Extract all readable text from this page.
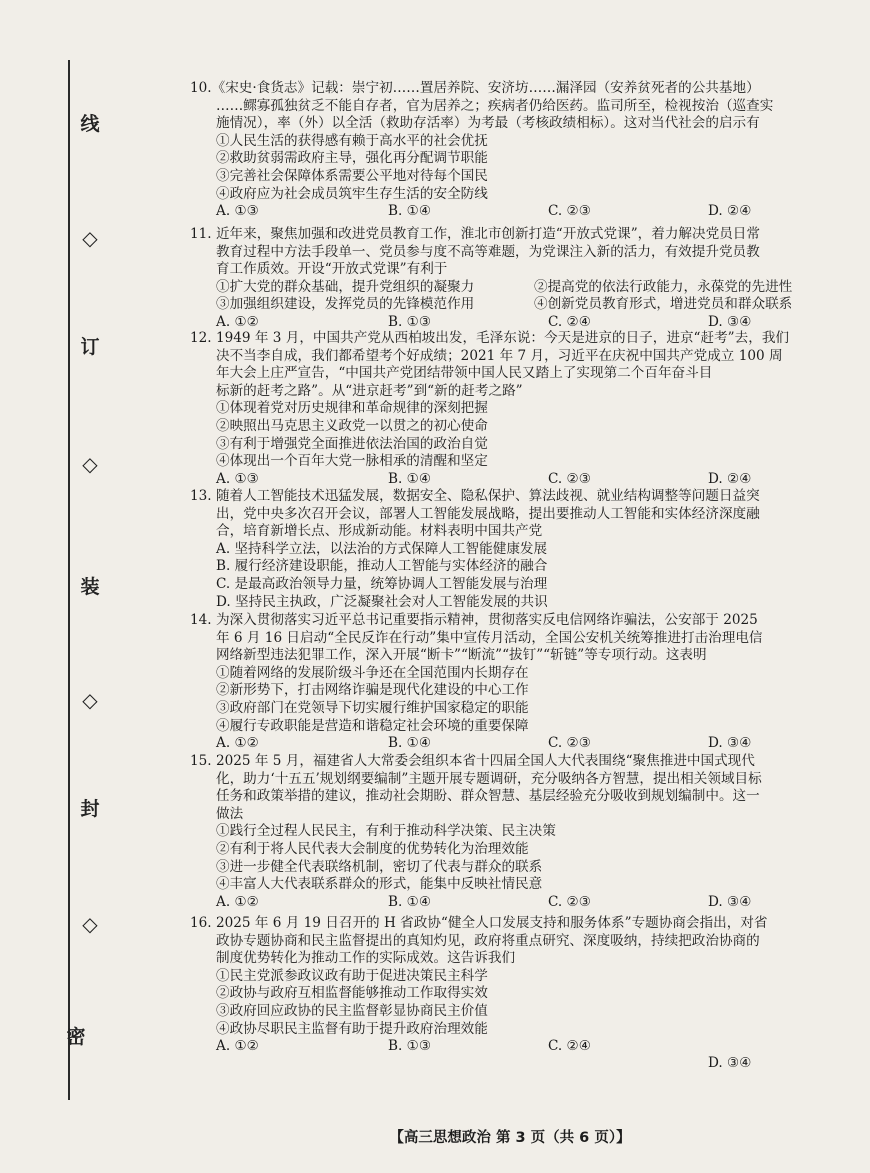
线
◇
订
◇
装
◇
封
◇
密
10.《宋史·食货志》记载：崇宁初……置居养院、安济坊……漏泽园（安养贫死者的公共基地）
……鳏寡孤独贫乏不能自存者，官为居养之；疾病者仍给医药。监司所至，检视按治（巡查实
施情况），率（外）以全活（救助存活率）为考最（考核政绩相标）。这对当代社会的启示有
①人民生活的获得感有赖于高水平的社会优抚
②救助贫弱需政府主导，强化再分配调节职能
③完善社会保障体系需要公平地对待每个国民
④政府应为社会成员筑牢生存生活的安全防线
A. ①③	B. ①④	C. ②③	D. ②④
11. 近年来，聚焦加强和改进党员教育工作，淮北市创新打造“开放式党课”，着力解决党员日常
教育过程中方法手段单一、党员参与度不高等难题，为党课注入新的活力，有效提升党员教
育工作质效。开设“开放式党课”有利于
①扩大党的群众基础，提升党组织的凝聚力	②提高党的依法行政能力，永葆党的先进性
③加强组织建设，发挥党员的先锋模范作用	④创新党员教育形式，增进党员和群众联系
A. ①②	B. ①③	C. ②④	D. ③④
12. 1949 年 3 月，中国共产党从西柏坡出发，毛泽东说：今天是进京的日子，进京“赶考”去，我们
决不当李自成，我们都希望考个好成绩；2021 年 7 月，习近平在庆祝中国共产党成立 100 周
年大会上庄严宣告，“中国共产党团结带领中国人民又踏上了实现第二个百年奋斗目
标新的赶考之路”。从“进京赶考”到“新的赶考之路”
①体现着党对历史规律和革命规律的深刻把握
②映照出马克思主义政党一以贯之的初心使命
③有利于增强党全面推进依法治国的政治自觉
④体现出一个百年大党一脉相承的清醒和坚定
A. ①③	B. ①④	C. ②③	D. ②④
13. 随着人工智能技术迅猛发展，数据安全、隐私保护、算法歧视、就业结构调整等问题日益突
出，党中央多次召开会议，部署人工智能发展战略，提出要推动人工智能和实体经济深度融
合，培育新增长点、形成新动能。材料表明中国共产党
A. 坚持科学立法，以法治的方式保障人工智能健康发展
B. 履行经济建设职能，推动人工智能与实体经济的融合
C. 是最高政治领导力量，统筹协调人工智能发展与治理
D. 坚持民主执政，广泛凝聚社会对人工智能发展的共识
14. 为深入贯彻落实习近平总书记重要指示精神，贯彻落实反电信网络诈骗法，公安部于 2025
年 6 月 16 日启动“全民反诈在行动”集中宣传月活动，全国公安机关统筹推进打击治理电信
网络新型违法犯罪工作，深入开展“断卡”“断流”“拔钉”“斩链”等专项行动。这表明
①随着网络的发展阶级斗争还在全国范围内长期存在
②新形势下，打击网络诈骗是现代化建设的中心工作
③政府部门在党领导下切实履行维护国家稳定的职能
④履行专政职能是营造和谐稳定社会环境的重要保障
A. ①②	B. ①④	C. ②③	D. ③④
15. 2025 年 5 月，福建省人大常委会组织本省十四届全国人大代表围绕“聚焦推进中国式现代
化，助力‘十五五’规划纲要编制”主题开展专题调研，充分吸纳各方智慧，提出相关领域目标
任务和政策举措的建议，推动社会期盼、群众智慧、基层经验充分吸收到规划编制中。这一
做法
①践行全过程人民民主，有利于推动科学决策、民主决策
②有利于将人民代表大会制度的优势转化为治理效能
③进一步健全代表联络机制，密切了代表与群众的联系
④丰富人大代表联系群众的形式，能集中反映社情民意
A. ①②	B. ①④	C. ②③	D. ③④
16. 2025 年 6 月 19 日召开的 H 省政协“健全人口发展支持和服务体系”专题协商会指出，对省
政协专题协商和民主监督提出的真知灼见，政府将重点研究、深度吸纳，持续把政治协商的
制度优势转化为推动工作的实际成效。这告诉我们
①民主党派参政议政有助于促进决策民主科学
②政协与政府互相监督能够推动工作取得实效
③政府回应政协的民主监督彰显协商民主价值
④政协尽职民主监督有助于提升政府治理效能
A. ①②	B. ①③	C. ②④
D. ③④
【高三思想政治 第 3 页（共 6 页）】
